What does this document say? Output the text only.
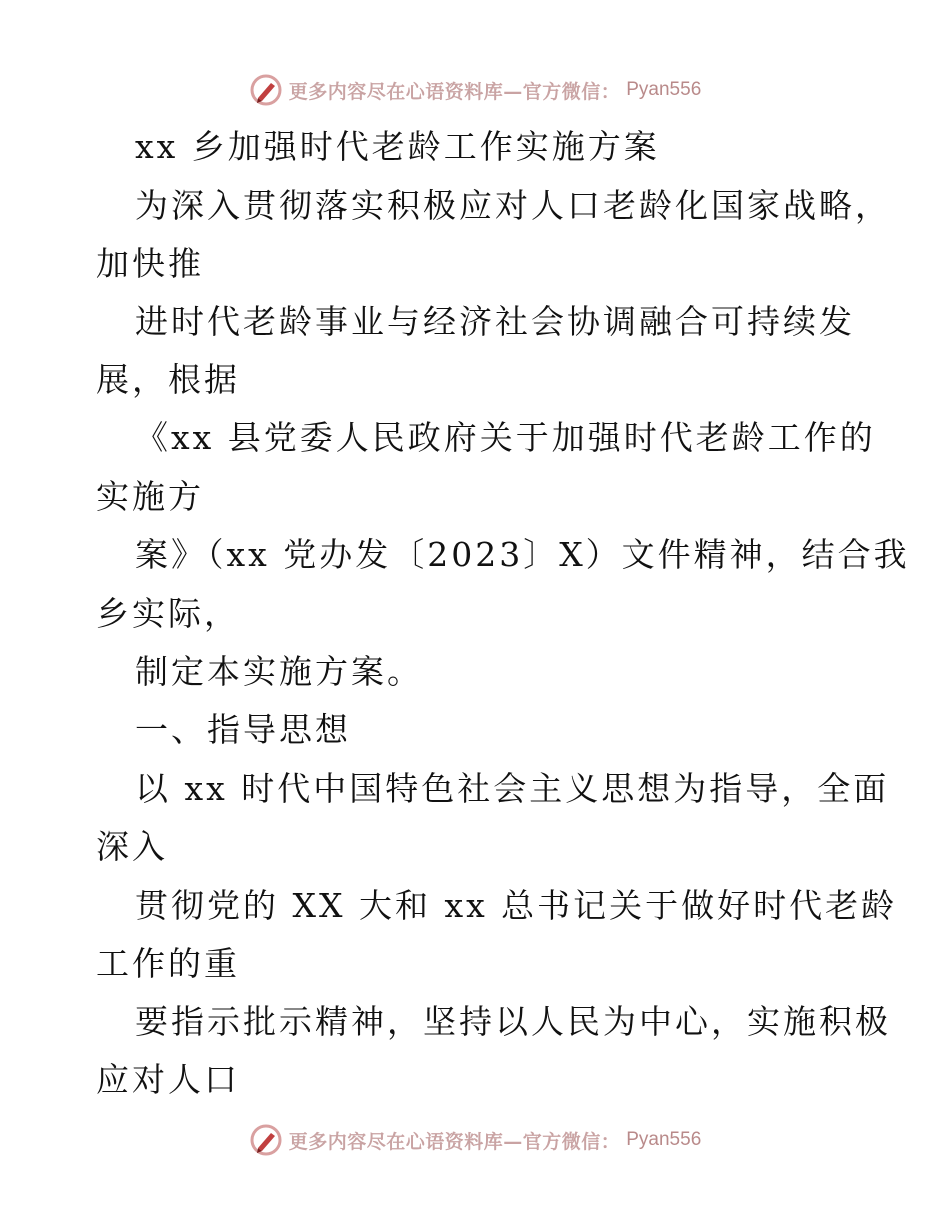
更多内容尽在心语资料库—官方微信： Pyan556
xx 乡加强时代老龄工作实施方案
为深入贯彻落实积极应对人口老龄化国家战略，
加快推
进时代老龄事业与经济社会协调融合可持续发
展，根据
《xx 县党委人民政府关于加强时代老龄工作的
实施方
案》（xx 党办发〔2023〕X）文件精神，结合我
乡实际，
制定本实施方案。
一、指导思想
以 xx 时代中国特色社会主义思想为指导，全面
深入
贯彻党的 XX 大和 xx 总书记关于做好时代老龄
工作的重
要指示批示精神，坚持以人民为中心，实施积极
应对人口
更多内容尽在心语资料库—官方微信： Pyan556
